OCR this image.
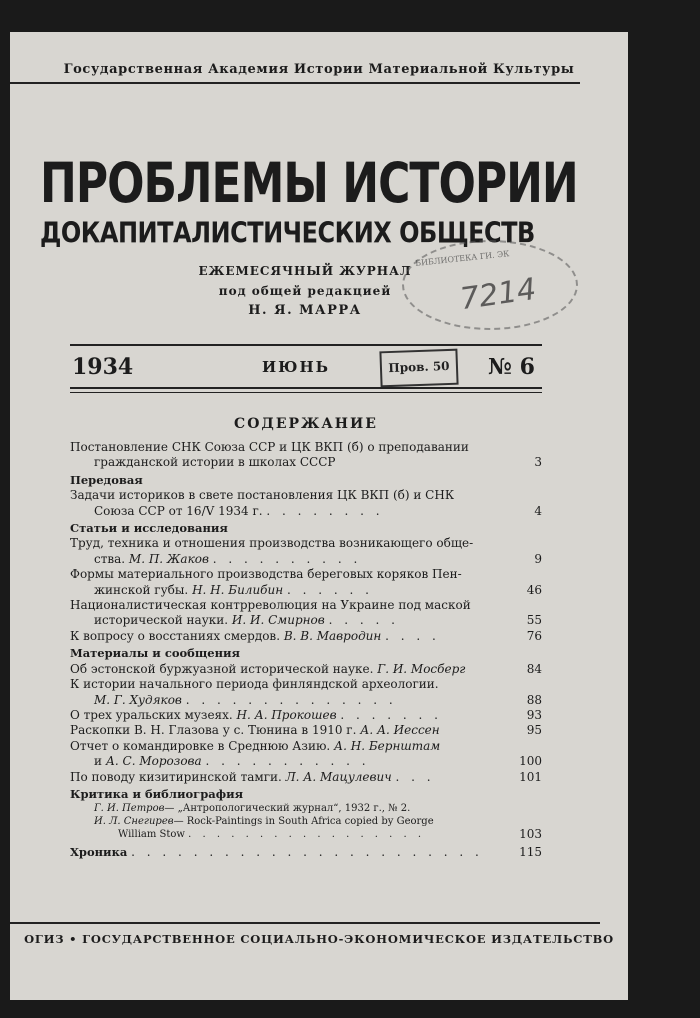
Государственная Академия Истории Материальной Культуры
ПРОБЛЕМЫ ИСТОРИИ
ДОКАПИТАЛИСТИЧЕСКИХ ОБЩЕСТВ
ЕЖЕМЕСЯЧНЫЙ ЖУРНАЛ
под общей редакцией
Н. Я. МАРРА
БИБЛИОТЕКА ГИ. ЭК
7214
1934	ИЮНЬ	Пров. 50	№ 6
СОДЕРЖАНИЕ
Постановление СНК Союза ССР и ЦК ВКП (б) о преподавании
гражданской истории в школах СССР	3
Передовая
Задачи историков в свете постановления ЦК ВКП (б) и СНК
Союза ССР от 16/V 1934 г. . . . . . . . .	4
Статьи и исследования
Труд, техника и отношения производства возникающего обще-
ства. М. П. Жаков . . . . . . . . . .	9
Формы материального производства береговых коряков Пен-
жинской губы. Н. Н. Билибин . . . . . .	46
Националистическая контрреволюция на Украине под маской
исторической науки. И. И. Смирнов . . . . .	55
К вопросу о восстаниях смердов. В. В. Мавродин . . . .	76
Материалы и сообщения
Об эстонской буржуазной исторической науке. Г. И. Мосберг	84
К истории начального периода финляндской археологии.
М. Г. Худяков . . . . . . . . . . . . . .	88
О трех уральских музеях. Н. А. Прокошев . . . . . . .	93
Раскопки В. Н. Глазова у с. Тюнина в 1910 г. А. А. Иессен	95
Отчет о командировке в Среднюю Азию. А. Н. Бернштам
и А. С. Морозова . . . . . . . . . . .	100
По поводу кизитиринской тамги. Л. А. Мацулевич . . .	101
Критика и библиография
Г. И. Петров— „Антропологический журнал“, 1932 г., № 2.
И. Л. Снегирев— Rock-Paintings in South Africa copied by George
William Stow . . . . . . . . . . . . . . . . .	103
Хроника . . . . . . . . . . . . . . . . . . . . . . .	115
ОГИЗ • ГОСУДАРСТВЕННОЕ СОЦИАЛЬНО-ЭКОНОМИЧЕСКОЕ ИЗДАТЕЛЬСТВО
